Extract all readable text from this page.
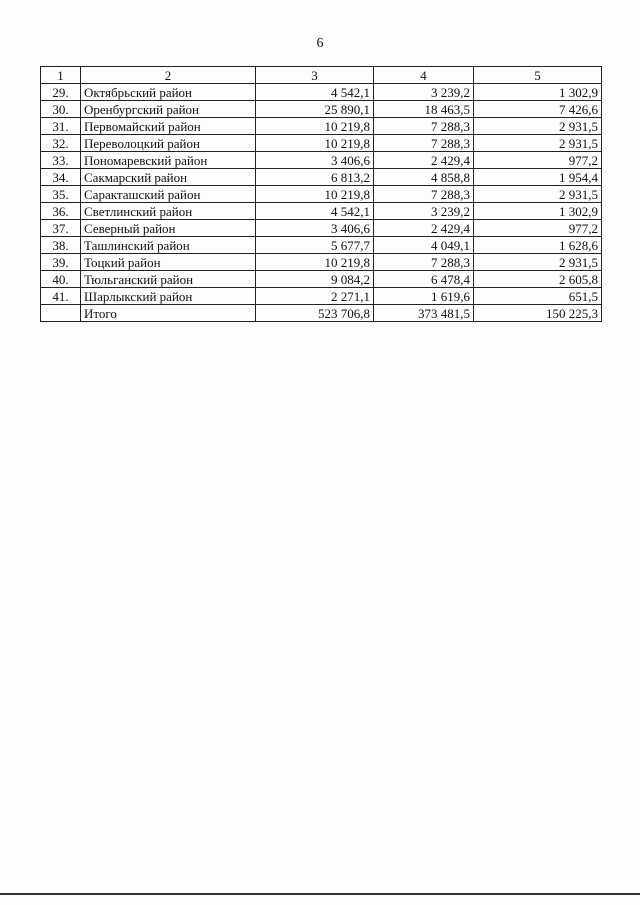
6
1	2	3	4	5
29.	Октябрьский район	4 542,1	3 239,2	1 302,9
30.	Оренбургский район	25 890,1	18 463,5	7 426,6
31.	Первомайский район	10 219,8	7 288,3	2 931,5
32.	Переволоцкий район	10 219,8	7 288,3	2 931,5
33.	Пономаревский район	3 406,6	2 429,4	977,2
34.	Сакмарский район	6 813,2	4 858,8	1 954,4
35.	Саракташский район	10 219,8	7 288,3	2 931,5
36.	Светлинский район	4 542,1	3 239,2	1 302,9
37.	Северный район	3 406,6	2 429,4	977,2
38.	Ташлинский район	5 677,7	4 049,1	1 628,6
39.	Тоцкий район	10 219,8	7 288,3	2 931,5
40.	Тюльганский район	9 084,2	6 478,4	2 605,8
41.	Шарлыкский район	2 271,1	1 619,6	651,5
	Итого	523 706,8	373 481,5	150 225,3
